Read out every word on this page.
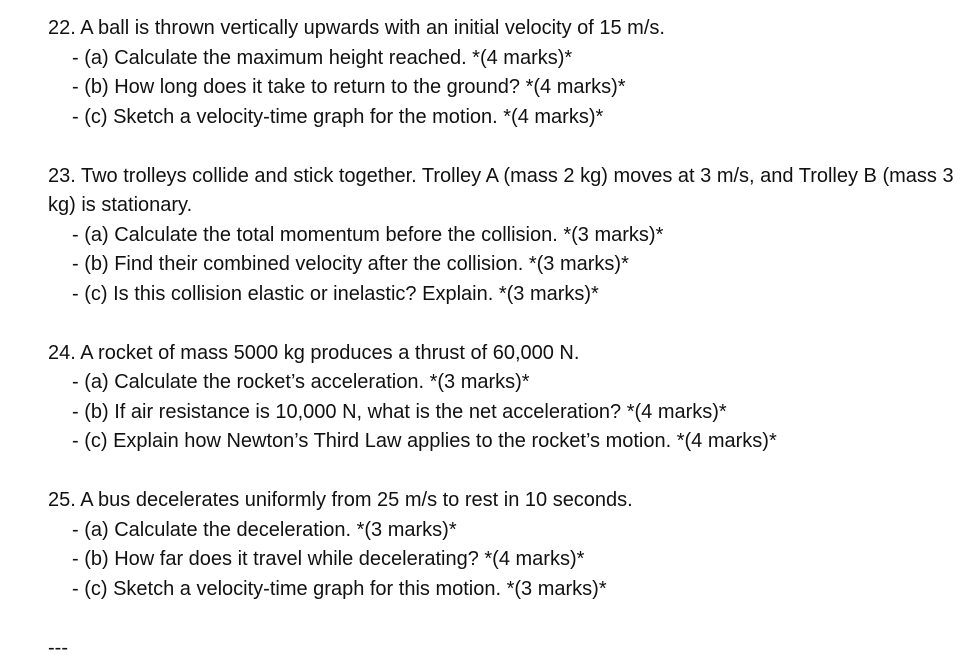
22. A ball is thrown vertically upwards with an initial velocity of 15 m/s.
- (a) Calculate the maximum height reached. *(4 marks)*
- (b) How long does it take to return to the ground? *(4 marks)*
- (c) Sketch a velocity-time graph for the motion. *(4 marks)*
23. Two trolleys collide and stick together. Trolley A (mass 2 kg) moves at 3 m/s, and Trolley B (mass 3 kg) is stationary.
- (a) Calculate the total momentum before the collision. *(3 marks)*
- (b) Find their combined velocity after the collision. *(3 marks)*
- (c) Is this collision elastic or inelastic? Explain. *(3 marks)*
24. A rocket of mass 5000 kg produces a thrust of 60,000 N.
- (a) Calculate the rocket’s acceleration. *(3 marks)*
- (b) If air resistance is 10,000 N, what is the net acceleration? *(4 marks)*
- (c) Explain how Newton’s Third Law applies to the rocket’s motion. *(4 marks)*
25. A bus decelerates uniformly from 25 m/s to rest in 10 seconds.
- (a) Calculate the deceleration. *(3 marks)*
- (b) How far does it travel while decelerating? *(4 marks)*
- (c) Sketch a velocity-time graph for this motion. *(3 marks)*
---
